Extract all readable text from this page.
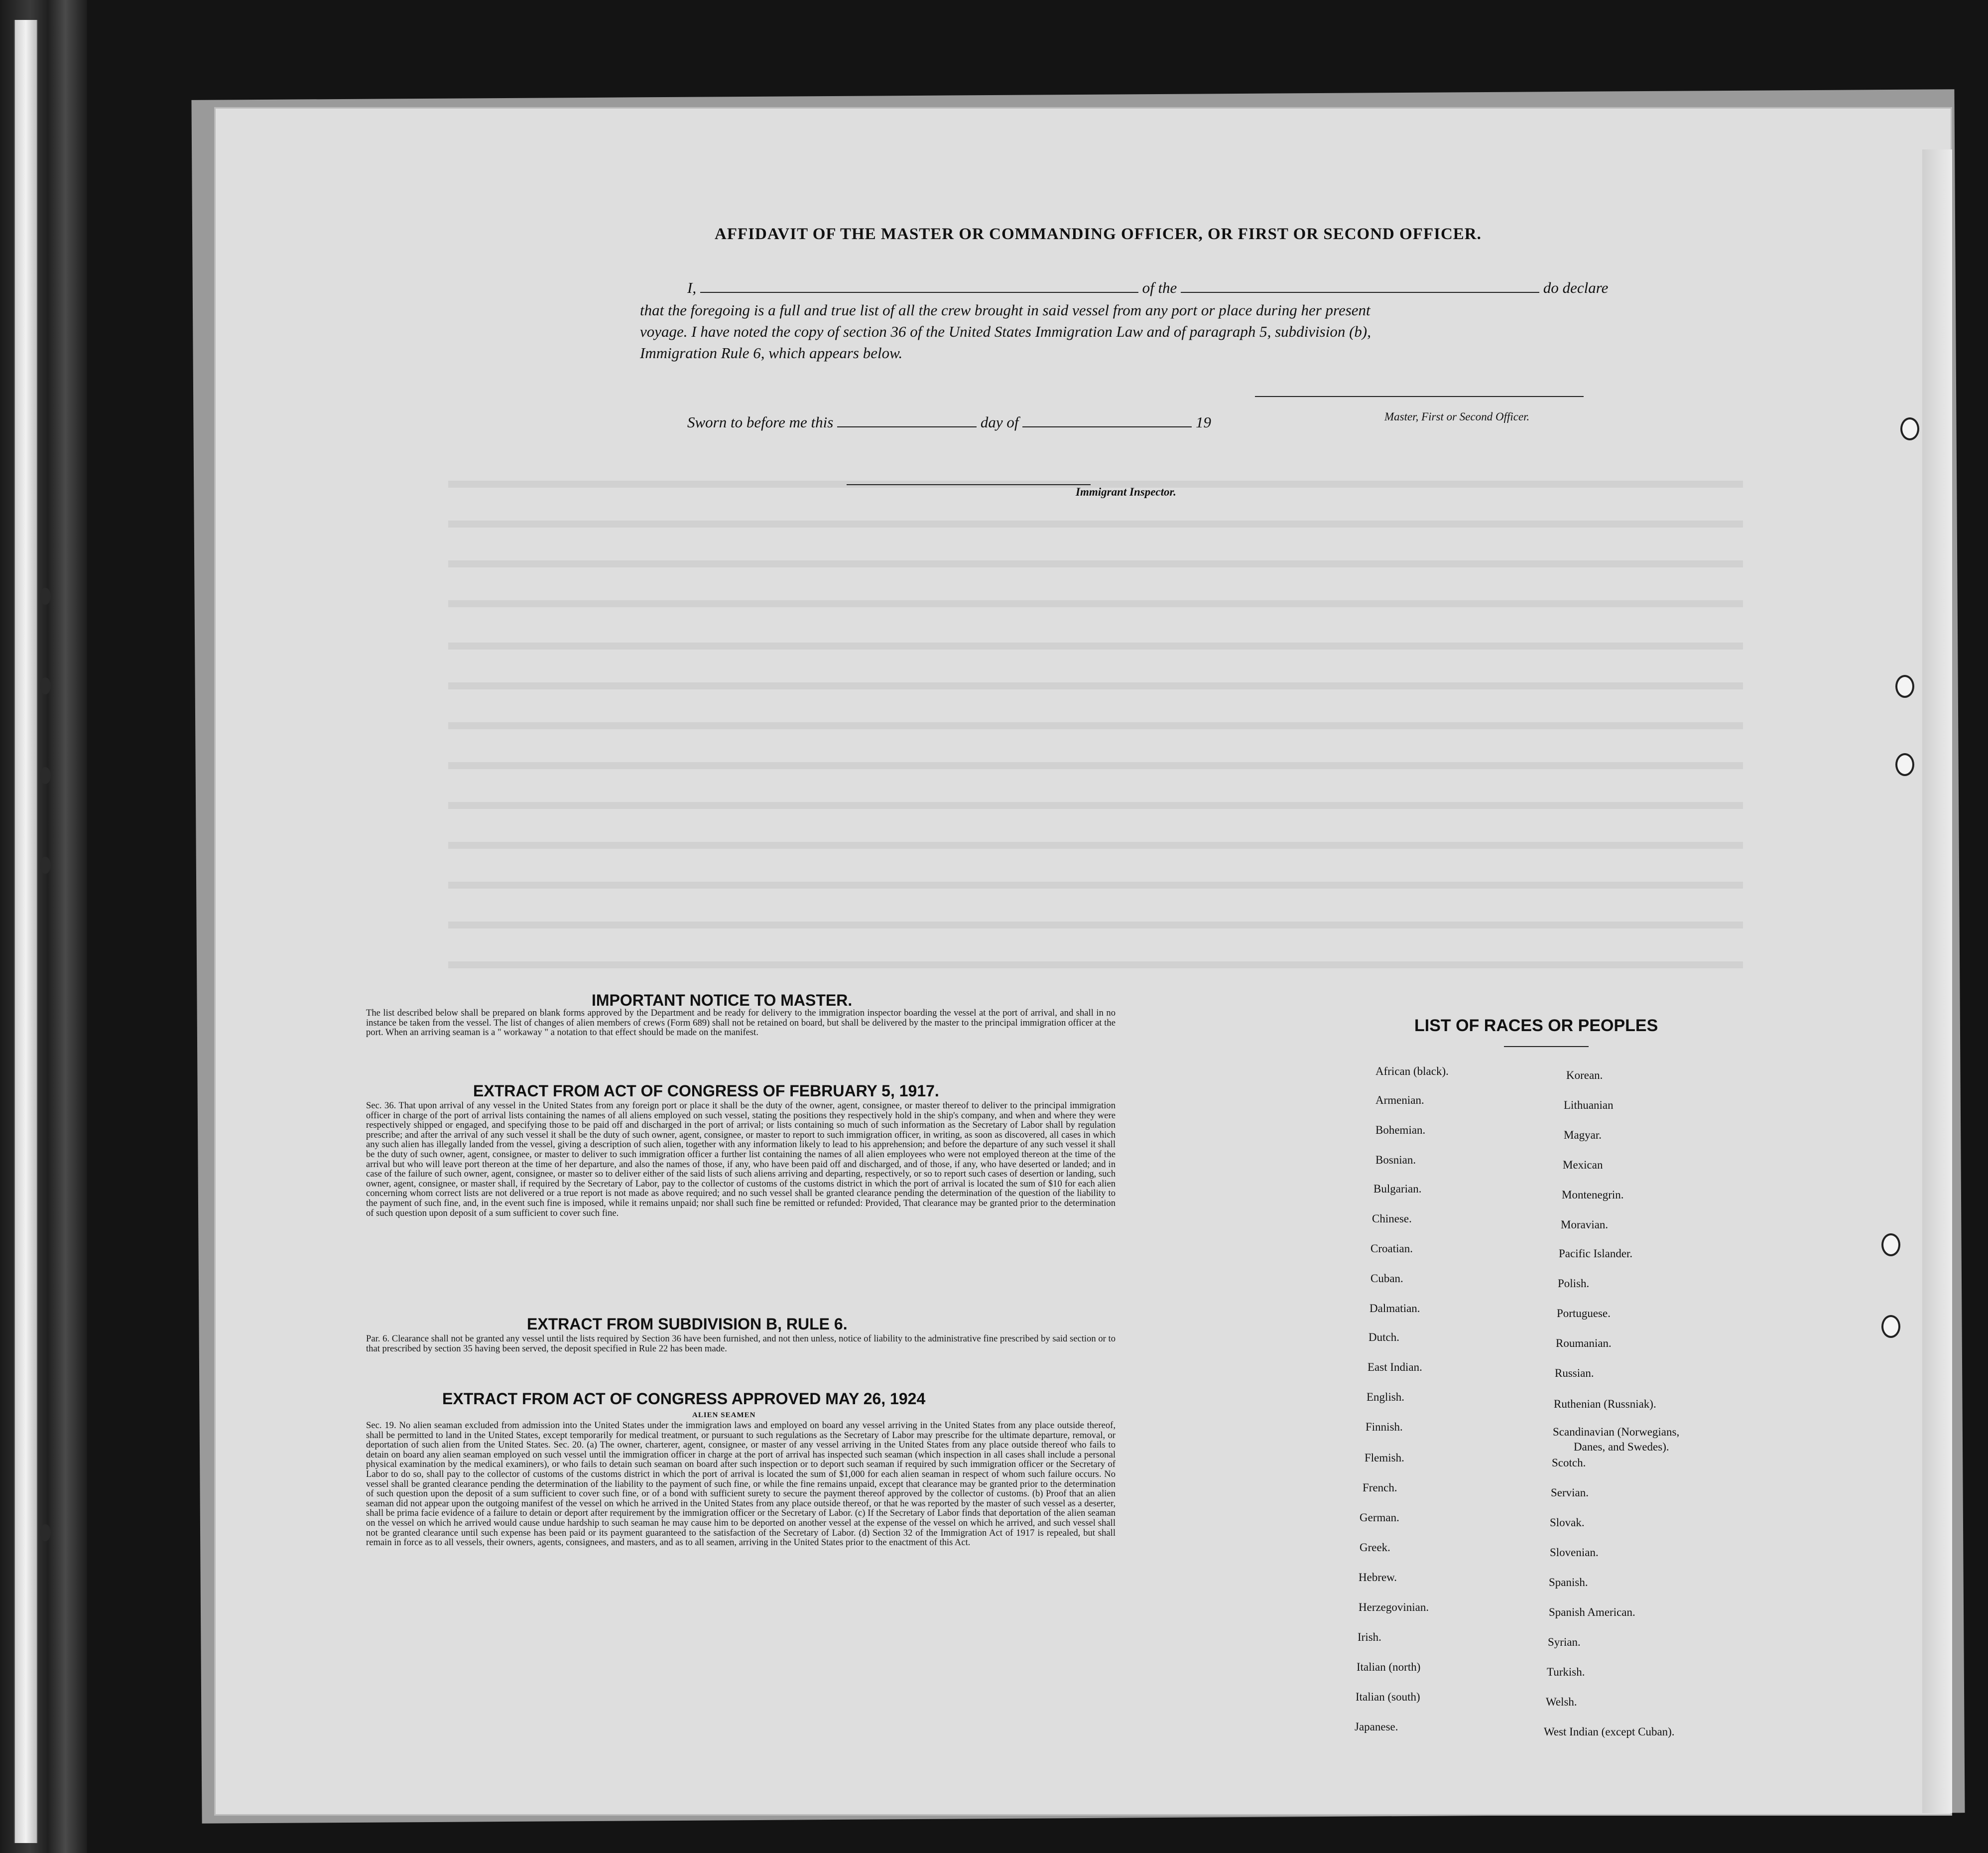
AFFIDAVIT OF THE MASTER OR COMMANDING OFFICER, OR FIRST OR SECOND OFFICER.
I,	of the	do declare
that the foregoing is a full and true list of all the crew brought in said vessel from any port or place during her present
voyage. I have noted the copy of section 36 of the United States Immigration Law and of paragraph 5, subdivision (b),
Immigration Rule 6, which appears below.
Master, First or Second Officer.
Sworn to before me this	day of	19
Immigrant Inspector.
IMPORTANT NOTICE TO MASTER.
The list described below shall be prepared on blank forms approved by the Department and be ready for delivery to the immigration inspector boarding the vessel at the port of arrival, and shall in no instance be taken from the vessel. The list of changes of alien members of crews (Form 689) shall not be retained on board, but shall be delivered by the master to the principal immigration officer at the port. When an arriving seaman is a " workaway " a notation to that effect should be made on the manifest.
EXTRACT FROM ACT OF CONGRESS OF FEBRUARY 5, 1917.
Sec. 36. That upon arrival of any vessel in the United States from any foreign port or place it shall be the duty of the owner, agent, consignee, or master thereof to deliver to the principal immigration officer in charge of the port of arrival lists containing the names of all aliens employed on such vessel, stating the positions they respectively hold in the ship's company, and when and where they were respectively shipped or engaged, and specifying those to be paid off and discharged in the port of arrival; or lists containing so much of such information as the Secretary of Labor shall by regulation prescribe; and after the arrival of any such vessel it shall be the duty of such owner, agent, consignee, or master to report to such immigration officer, in writing, as soon as discovered, all cases in which any such alien has illegally landed from the vessel, giving a description of such alien, together with any information likely to lead to his apprehension; and before the departure of any such vessel it shall be the duty of such owner, agent, consignee, or master to deliver to such immigration officer a further list containing the names of all alien employees who were not employed thereon at the time of the arrival but who will leave port thereon at the time of her departure, and also the names of those, if any, who have been paid off and discharged, and of those, if any, who have deserted or landed; and in case of the failure of such owner, agent, consignee, or master so to deliver either of the said lists of such aliens arriving and departing, respectively, or so to report such cases of desertion or landing, such owner, agent, consignee, or master shall, if required by the Secretary of Labor, pay to the collector of customs of the customs district in which the port of arrival is located the sum of $10 for each alien concerning whom correct lists are not delivered or a true report is not made as above required; and no such vessel shall be granted clearance pending the determination of the question of the liability to the payment of such fine, and, in the event such fine is imposed, while it remains unpaid; nor shall such fine be remitted or refunded: Provided, That clearance may be granted prior to the determination of such question upon deposit of a sum sufficient to cover such fine.
EXTRACT FROM SUBDIVISION B, RULE 6.
Par. 6. Clearance shall not be granted any vessel until the lists required by Section 36 have been furnished, and not then unless, notice of liability to the administrative fine prescribed by said section or to that prescribed by section 35 having been served, the deposit specified in Rule 22 has been made.
EXTRACT FROM ACT OF CONGRESS APPROVED MAY 26, 1924
ALIEN SEAMEN
Sec. 19. No alien seaman excluded from admission into the United States under the immigration laws and employed on board any vessel arriving in the United States from any place outside thereof, shall be permitted to land in the United States, except temporarily for medical treatment, or pursuant to such regulations as the Secretary of Labor may prescribe for the ultimate departure, removal, or deportation of such alien from the United States. Sec. 20. (a) The owner, charterer, agent, consignee, or master of any vessel arriving in the United States from any place outside thereof who fails to detain on board any alien seaman employed on such vessel until the immigration officer in charge at the port of arrival has inspected such seaman (which inspection in all cases shall include a personal physical examination by the medical examiners), or who fails to detain such seaman on board after such inspection or to deport such seaman if required by such immigration officer or the Secretary of Labor to do so, shall pay to the collector of customs of the customs district in which the port of arrival is located the sum of $1,000 for each alien seaman in respect of whom such failure occurs. No vessel shall be granted clearance pending the determination of the liability to the payment of such fine, or while the fine remains unpaid, except that clearance may be granted prior to the determination of such question upon the deposit of a sum sufficient to cover such fine, or of a bond with sufficient surety to secure the payment thereof approved by the collector of customs. (b) Proof that an alien seaman did not appear upon the outgoing manifest of the vessel on which he arrived in the United States from any place outside thereof, or that he was reported by the master of such vessel as a deserter, shall be prima facie evidence of a failure to detain or deport after requirement by the immigration officer or the Secretary of Labor. (c) If the Secretary of Labor finds that deportation of the alien seaman on the vessel on which he arrived would cause undue hardship to such seaman he may cause him to be deported on another vessel at the expense of the vessel on which he arrived, and such vessel shall not be granted clearance until such expense has been paid or its payment guaranteed to the satisfaction of the Secretary of Labor. (d) Section 32 of the Immigration Act of 1917 is repealed, but shall remain in force as to all vessels, their owners, agents, consignees, and masters, and as to all seamen, arriving in the United States prior to the enactment of this Act.
LIST OF RACES OR PEOPLES
African (black).
Armenian.
Bohemian.
Bosnian.
Bulgarian.
Chinese.
Croatian.
Cuban.
Dalmatian.
Dutch.
East Indian.
English.
Finnish.
Flemish.
French.
German.
Greek.
Hebrew.
Herzegovinian.
Irish.
Italian (north)
Italian (south)
Japanese.
Korean.
Lithuanian
Magyar.
Mexican
Montenegrin.
Moravian.
Pacific Islander.
Polish.
Portuguese.
Roumanian.
Russian.
Ruthenian (Russniak).
Scandinavian (Norwegians,
Danes, and Swedes).
Scotch.
Servian.
Slovak.
Slovenian.
Spanish.
Spanish American.
Syrian.
Turkish.
Welsh.
West Indian (except Cuban).
